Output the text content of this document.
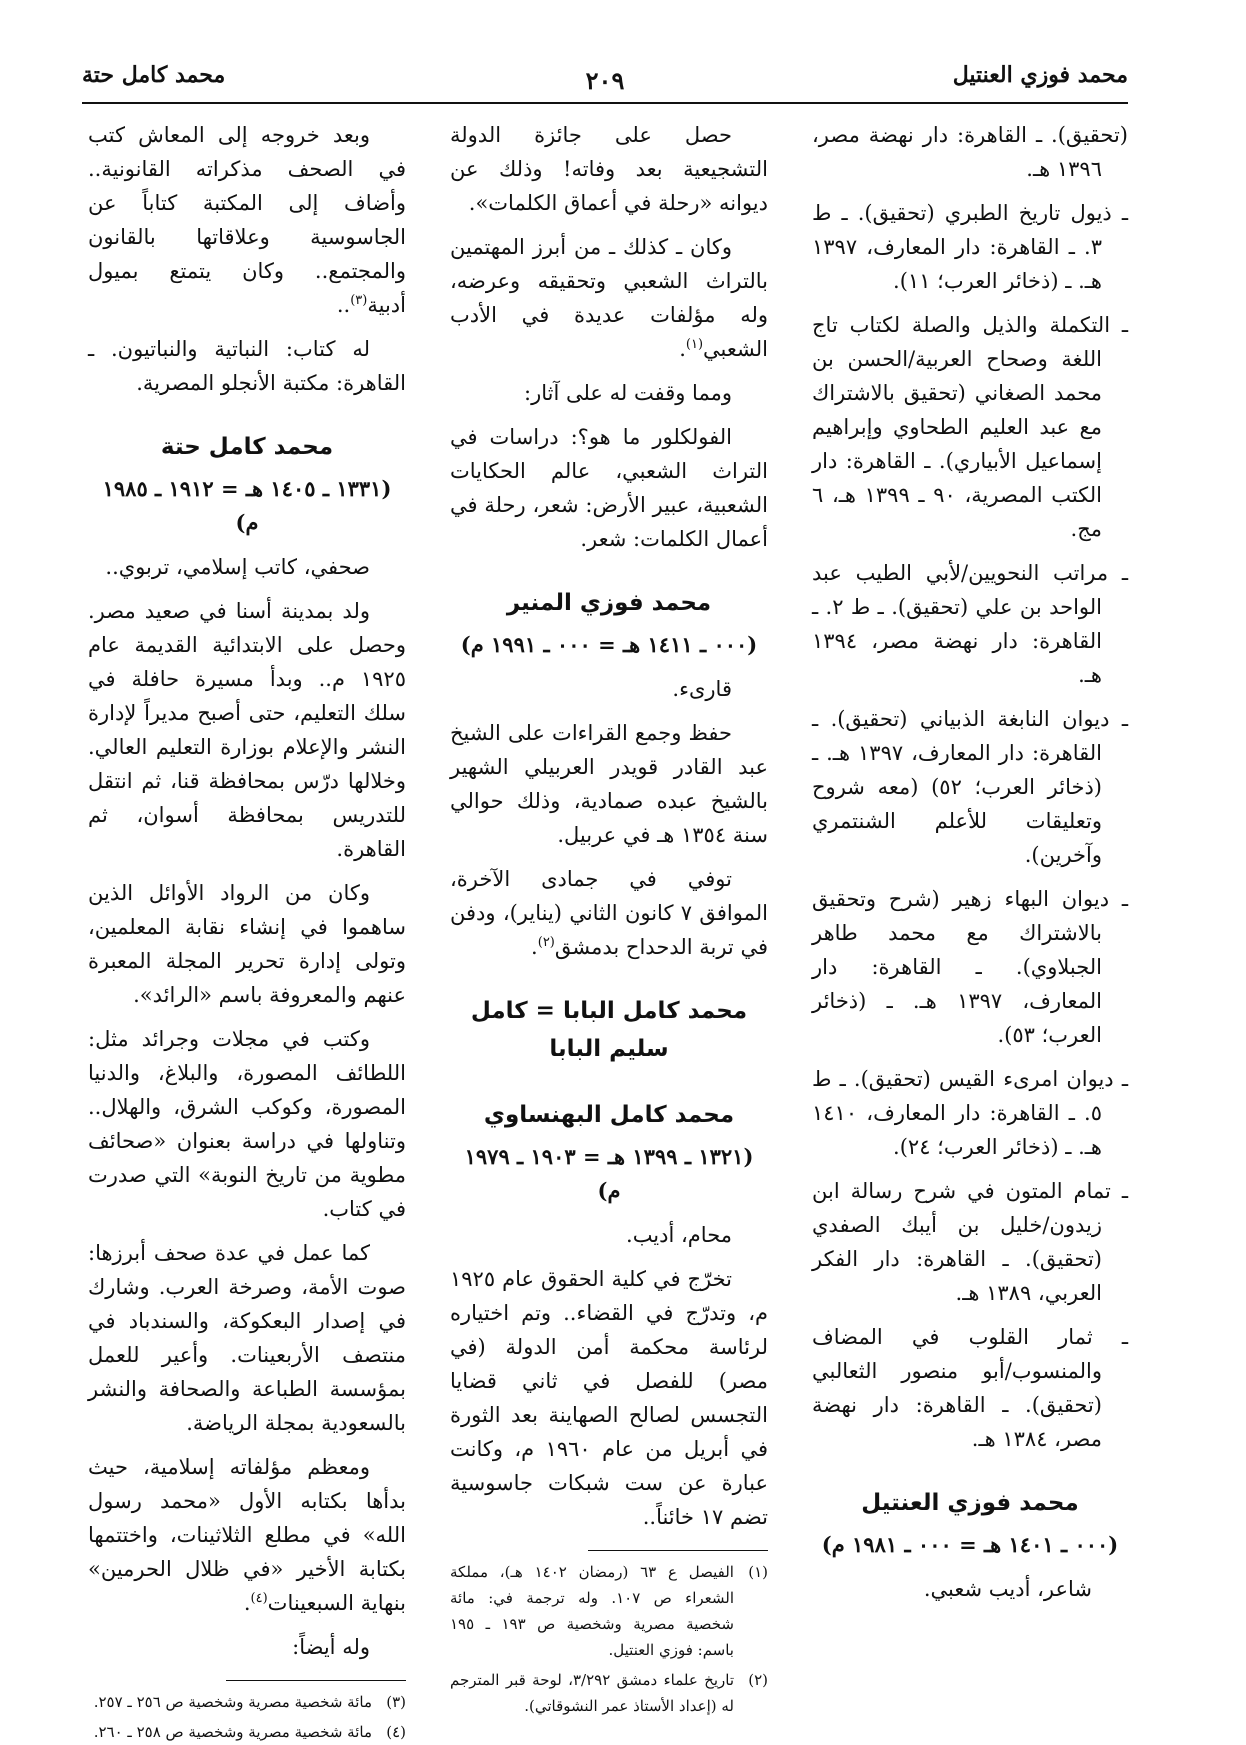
محمد فوزي العنتيل
٢٠٩
محمد كامل حتة

(تحقيق). ـ القاهرة: دار نهضة مصر، ١٣٩٦ هـ.

ـ ذيول تاريخ الطبري (تحقيق). ـ ط ٣. ـ القاهرة: دار المعارف، ١٣٩٧ هـ. ـ (ذخائر العرب؛ ١١).

ـ التكملة والذيل والصلة لكتاب تاج اللغة وصحاح العربية/الحسن بن محمد الصغاني (تحقيق بالاشتراك مع عبد العليم الطحاوي وإبراهيم إسماعيل الأبياري). ـ القاهرة: دار الكتب المصرية، ٩٠ ـ ١٣٩٩ هـ، ٦ مج.

ـ مراتب النحويين/لأبي الطيب عبد الواحد بن علي (تحقيق). ـ ط ٢. ـ القاهرة: دار نهضة مصر، ١٣٩٤ هـ.

ـ ديوان النابغة الذبياني (تحقيق). ـ القاهرة: دار المعارف، ١٣٩٧ هـ. ـ (ذخائر العرب؛ ٥٢) (معه شروح وتعليقات للأعلم الشنتمري وآخرين).

ـ ديوان البهاء زهير (شرح وتحقيق بالاشتراك مع محمد طاهر الجبلاوي). ـ القاهرة: دار المعارف، ١٣٩٧ هـ. ـ (ذخائر العرب؛ ٥٣).

ـ ديوان امرىء القيس (تحقيق). ـ ط ٥. ـ القاهرة: دار المعارف، ١٤١٠ هـ. ـ (ذخائر العرب؛ ٢٤).

ـ تمام المتون في شرح رسالة ابن زيدون/خليل بن أيبك الصفدي (تحقيق). ـ القاهرة: دار الفكر العربي، ١٣٨٩ هـ.

ـ ثمار القلوب في المضاف والمنسوب/أبو منصور الثعالبي (تحقيق). ـ القاهرة: دار نهضة مصر، ١٣٨٤ هـ.

محمد فوزي العنتيل
(٠٠٠ ـ ١٤٠١ هـ = ٠٠٠ ـ ١٩٨١ م)

شاعر، أديب شعبي.

حصل على جائزة الدولة التشجيعية بعد وفاته! وذلك عن ديوانه «رحلة في أعماق الكلمات».

وكان ـ كذلك ـ من أبرز المهتمين بالتراث الشعبي وتحقيقه وعرضه، وله مؤلفات عديدة في الأدب الشعبي$^{(١)}$.

ومما وقفت له على آثار:

الفولكلور ما هو؟: دراسات في التراث الشعبي، عالم الحكايات الشعبية، عبير الأرض: شعر، رحلة في أعمال الكلمات: شعر.

محمد فوزي المنير
(٠٠٠ ـ ١٤١١ هـ = ٠٠٠ ـ ١٩٩١ م)

قارىء.

حفظ وجمع القراءات على الشيخ عبد القادر قويدر العربيلي الشهير بالشيخ عبده صمادية، وذلك حوالي سنة ١٣٥٤ هـ في عربيل.

توفي في جمادى الآخرة، الموافق ٧ كانون الثاني (يناير)، ودفن في تربة الدحداح بدمشق$^{(٢)}$.

محمد كامل البابا = كامل سليم البابا
محمد كامل البهنساوي
(١٣٢١ ـ ١٣٩٩ هـ = ١٩٠٣ ـ ١٩٧٩ م)

محام، أديب.

تخرّج في كلية الحقوق عام ١٩٢٥ م، وتدرّج في القضاء.. وتم اختياره لرئاسة محكمة أمن الدولة (في مصر) للفصل في ثاني قضايا التجسس لصالح الصهاينة بعد الثورة في أبريل من عام ١٩٦٠ م، وكانت عبارة عن ست شبكات جاسوسية تضم ١٧ خائناً..

(١)الفيصل ع ٦٣ (رمضان ١٤٠٢ هـ)، مملكة الشعراء ص ١٠٧. وله ترجمة في: مائة شخصية مصرية وشخصية ص ١٩٣ ـ ١٩٥ باسم: فوزي العنتيل.

(٢)تاريخ علماء دمشق ٣/٢٩٢، لوحة قبر المترجم له (إعداد الأستاذ عمر النشوقاتي).

وبعد خروجه إلى المعاش كتب في الصحف مذكراته القانونية.. وأضاف إلى المكتبة كتاباً عن الجاسوسية وعلاقاتها بالقانون والمجتمع.. وكان يتمتع بميول أدبية$^{(٣)}$..

له كتاب: النباتية والنباتيون. ـ القاهرة: مكتبة الأنجلو المصرية.

محمد كامل حتة
(١٣٣١ ـ ١٤٠٥ هـ = ١٩١٢ ـ ١٩٨٥ م)

صحفي، كاتب إسلامي، تربوي..

ولد بمدينة أسنا في صعيد مصر. وحصل على الابتدائية القديمة عام ١٩٢٥ م.. وبدأ مسيرة حافلة في سلك التعليم، حتى أصبح مديراً لإدارة النشر والإعلام بوزارة التعليم العالي. وخلالها درّس بمحافظة قنا، ثم انتقل للتدريس بمحافظة أسوان، ثم القاهرة.

وكان من الرواد الأوائل الذين ساهموا في إنشاء نقابة المعلمين، وتولى إدارة تحرير المجلة المعبرة عنهم والمعروفة باسم «الرائد».

وكتب في مجلات وجرائد مثل: اللطائف المصورة، والبلاغ، والدنيا المصورة، وكوكب الشرق، والهلال.. وتناولها في دراسة بعنوان «صحائف مطوية من تاريخ النوبة» التي صدرت في كتاب.

كما عمل في عدة صحف أبرزها: صوت الأمة، وصرخة العرب. وشارك في إصدار البعكوكة، والسندباد في منتصف الأربعينات. وأعير للعمل بمؤسسة الطباعة والصحافة والنشر بالسعودية بمجلة الرياضة.

ومعظم مؤلفاته إسلامية، حيث بدأها بكتابه الأول «محمد رسول الله» في مطلع الثلاثينات، واختتمها بكتابة الأخير «في ظلال الحرمين» بنهاية السبعينات$^{(٤)}$.

وله أيضاً:

(٣)مائة شخصية مصرية وشخصية ص ٢٥٦ ـ ٢٥٧.

(٤)مائة شخصية مصرية وشخصية ص ٢٥٨ ـ ٢٦٠.
